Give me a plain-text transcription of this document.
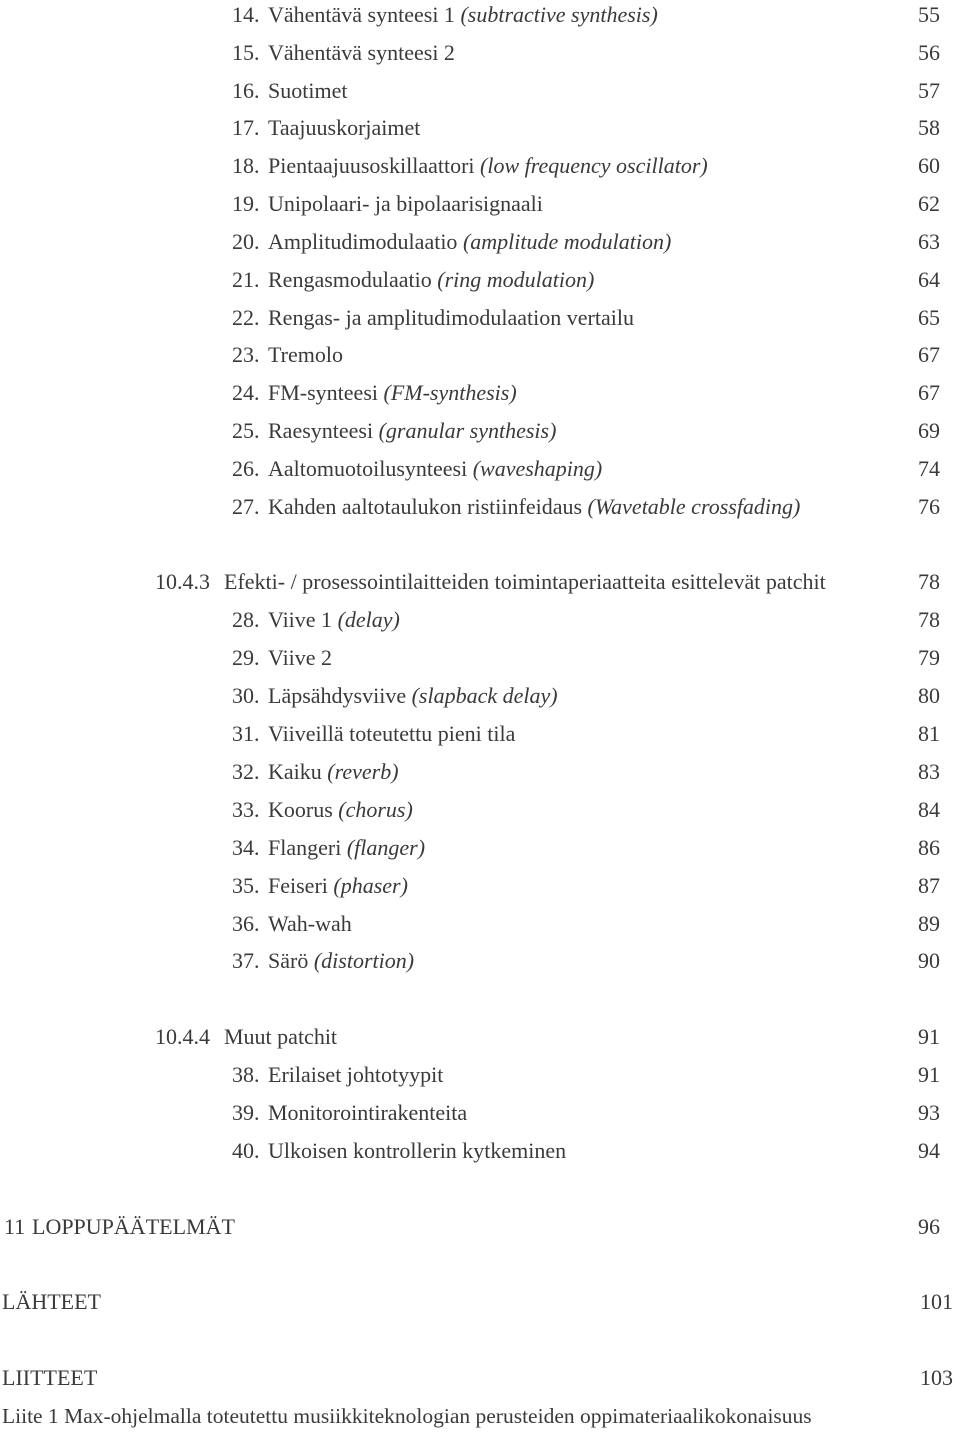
14. Vähentävä synteesi 1 (subtractive synthesis)	55
15. Vähentävä synteesi 2	56
16. Suotimet	57
17. Taajuuskorjaimet	58
18. Pientaajuusoskillaattori (low frequency oscillator)	60
19. Unipolaari- ja bipolaarisignaali	62
20. Amplitudimodulaatio (amplitude modulation)	63
21. Rengasmodulaatio (ring modulation)	64
22. Rengas- ja amplitudimodulaation vertailu	65
23. Tremolo	67
24. FM-synteesi (FM-synthesis)	67
25. Raesynteesi (granular synthesis)	69
26. Aaltomuotoilusynteesi (waveshaping)	74
27. Kahden aaltotaulukon ristiinfeidaus (Wavetable crossfading)	76
10.4.3 Efekti- / prosessointilaitteiden toimintaperiaatteita esittelevät patchit	78
28. Viive 1 (delay)	78
29. Viive 2	79
30. Läpsähdysviive (slapback delay)	80
31. Viiveillä toteutettu pieni tila	81
32. Kaiku (reverb)	83
33. Koorus (chorus)	84
34. Flangeri (flanger)	86
35. Feiseri (phaser)	87
36. Wah-wah	89
37. Särö (distortion)	90
10.4.4 Muut patchit	91
38. Erilaiset johtotyypit	91
39. Monitorointirakenteita	93
40. Ulkoisen kontrollerin kytkeminen	94
11 LOPPUPÄÄTELMÄT	96
LÄHTEET	101
LIITTEET	103
Liite 1 Max-ohjelmalla toteutettu musiikkiteknologian perusteiden oppimateriaalikokonaisuus
